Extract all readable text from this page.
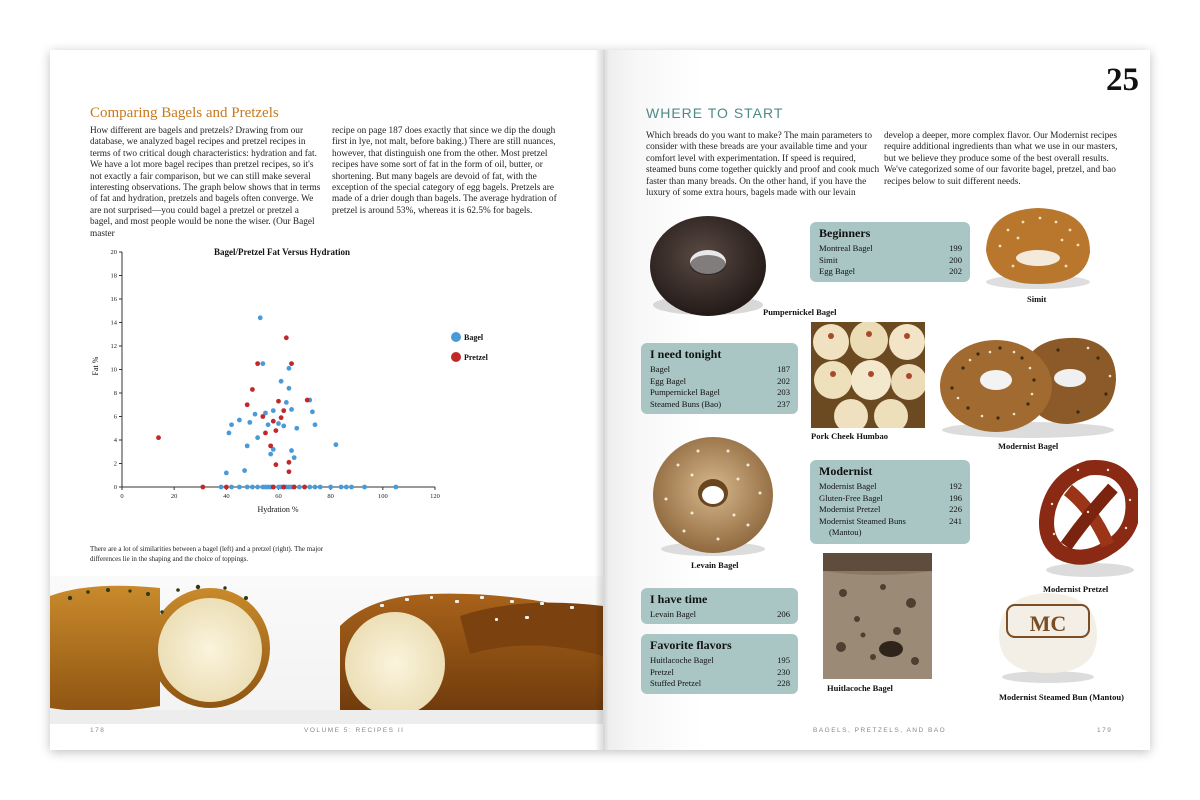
Comparing Bagels and Pretzels
How different are bagels and pretzels? Drawing from our database, we analyzed bagel recipes and pretzel recipes in terms of two critical dough characteristics: hydration and fat. We have a lot more bagel recipes than pretzel recipes, so it's not exactly a fair comparison, but we can still make several interesting observations. The graph below shows that in terms of fat and hydration, pretzels and bagels often converge. We are not surprised—you could bagel a pretzel or pretzel a bagel, and most people would be none the wiser. (Our Bagel master
recipe on page 187 does exactly that since we dip the dough first in lye, not malt, before baking.) There are still nuances, however, that distinguish one from the other. Most pretzel recipes have some sort of fat in the form of oil, butter, or shortening. But many bagels are devoid of fat, with the exception of the special category of egg bagels. Pretzels are made of a drier dough than bagels. The average hydration of pretzel is around 53%, whereas it is 62.5% for bagels.
Bagel/Pretzel Fat Versus Hydration
Fat %
Hydration %
Bagel
Pretzel
0	20	40	60	80	100	120
0
2
4
6
8
10
12
14
16
18
20
There are a lot of similarities between a bagel (left) and a pretzel (right). The major differences lie in the shaping and the choice of toppings.
178	VOLUME 5: RECIPES II
25
WHERE TO START
Which breads do you want to make? The main parameters to consider with these breads are your available time and your comfort level with experimentation. If speed is required, steamed buns come together quickly and proof and cook much faster than many breads. On the other hand, if you have the luxury of some extra hours, bagels made with our levain
develop a deeper, more complex flavor. Our Modernist recipes require additional ingredients than what we use in our masters, but we believe they produce some of the best overall results. We've categorized some of our favorite bagel, pretzel, and bao recipes below to suit different needs.
Beginners
Montreal Bagel	199
Simit	200
Egg Bagel	202
I need tonight
Bagel	187
Egg Bagel	202
Pumpernickel Bagel	203
Steamed Buns (Bao)	237
Modernist
Modernist Bagel	192
Gluten-Free Bagel	196
Modernist Pretzel	226
Modernist Steamed Buns	241
(Mantou)
I have time
Levain Bagel	206
Favorite flavors
Huitlacoche Bagel	195
Pretzel	230
Stuffed Pretzel	228
Pumpernickel Bagel
Simit
Pork Cheek Humbao
Modernist Bagel
Levain Bagel
Modernist Pretzel
Huitlacoche Bagel
MC
Modernist Steamed Bun (Mantou)
BAGELS, PRETZELS, AND BAO	179
